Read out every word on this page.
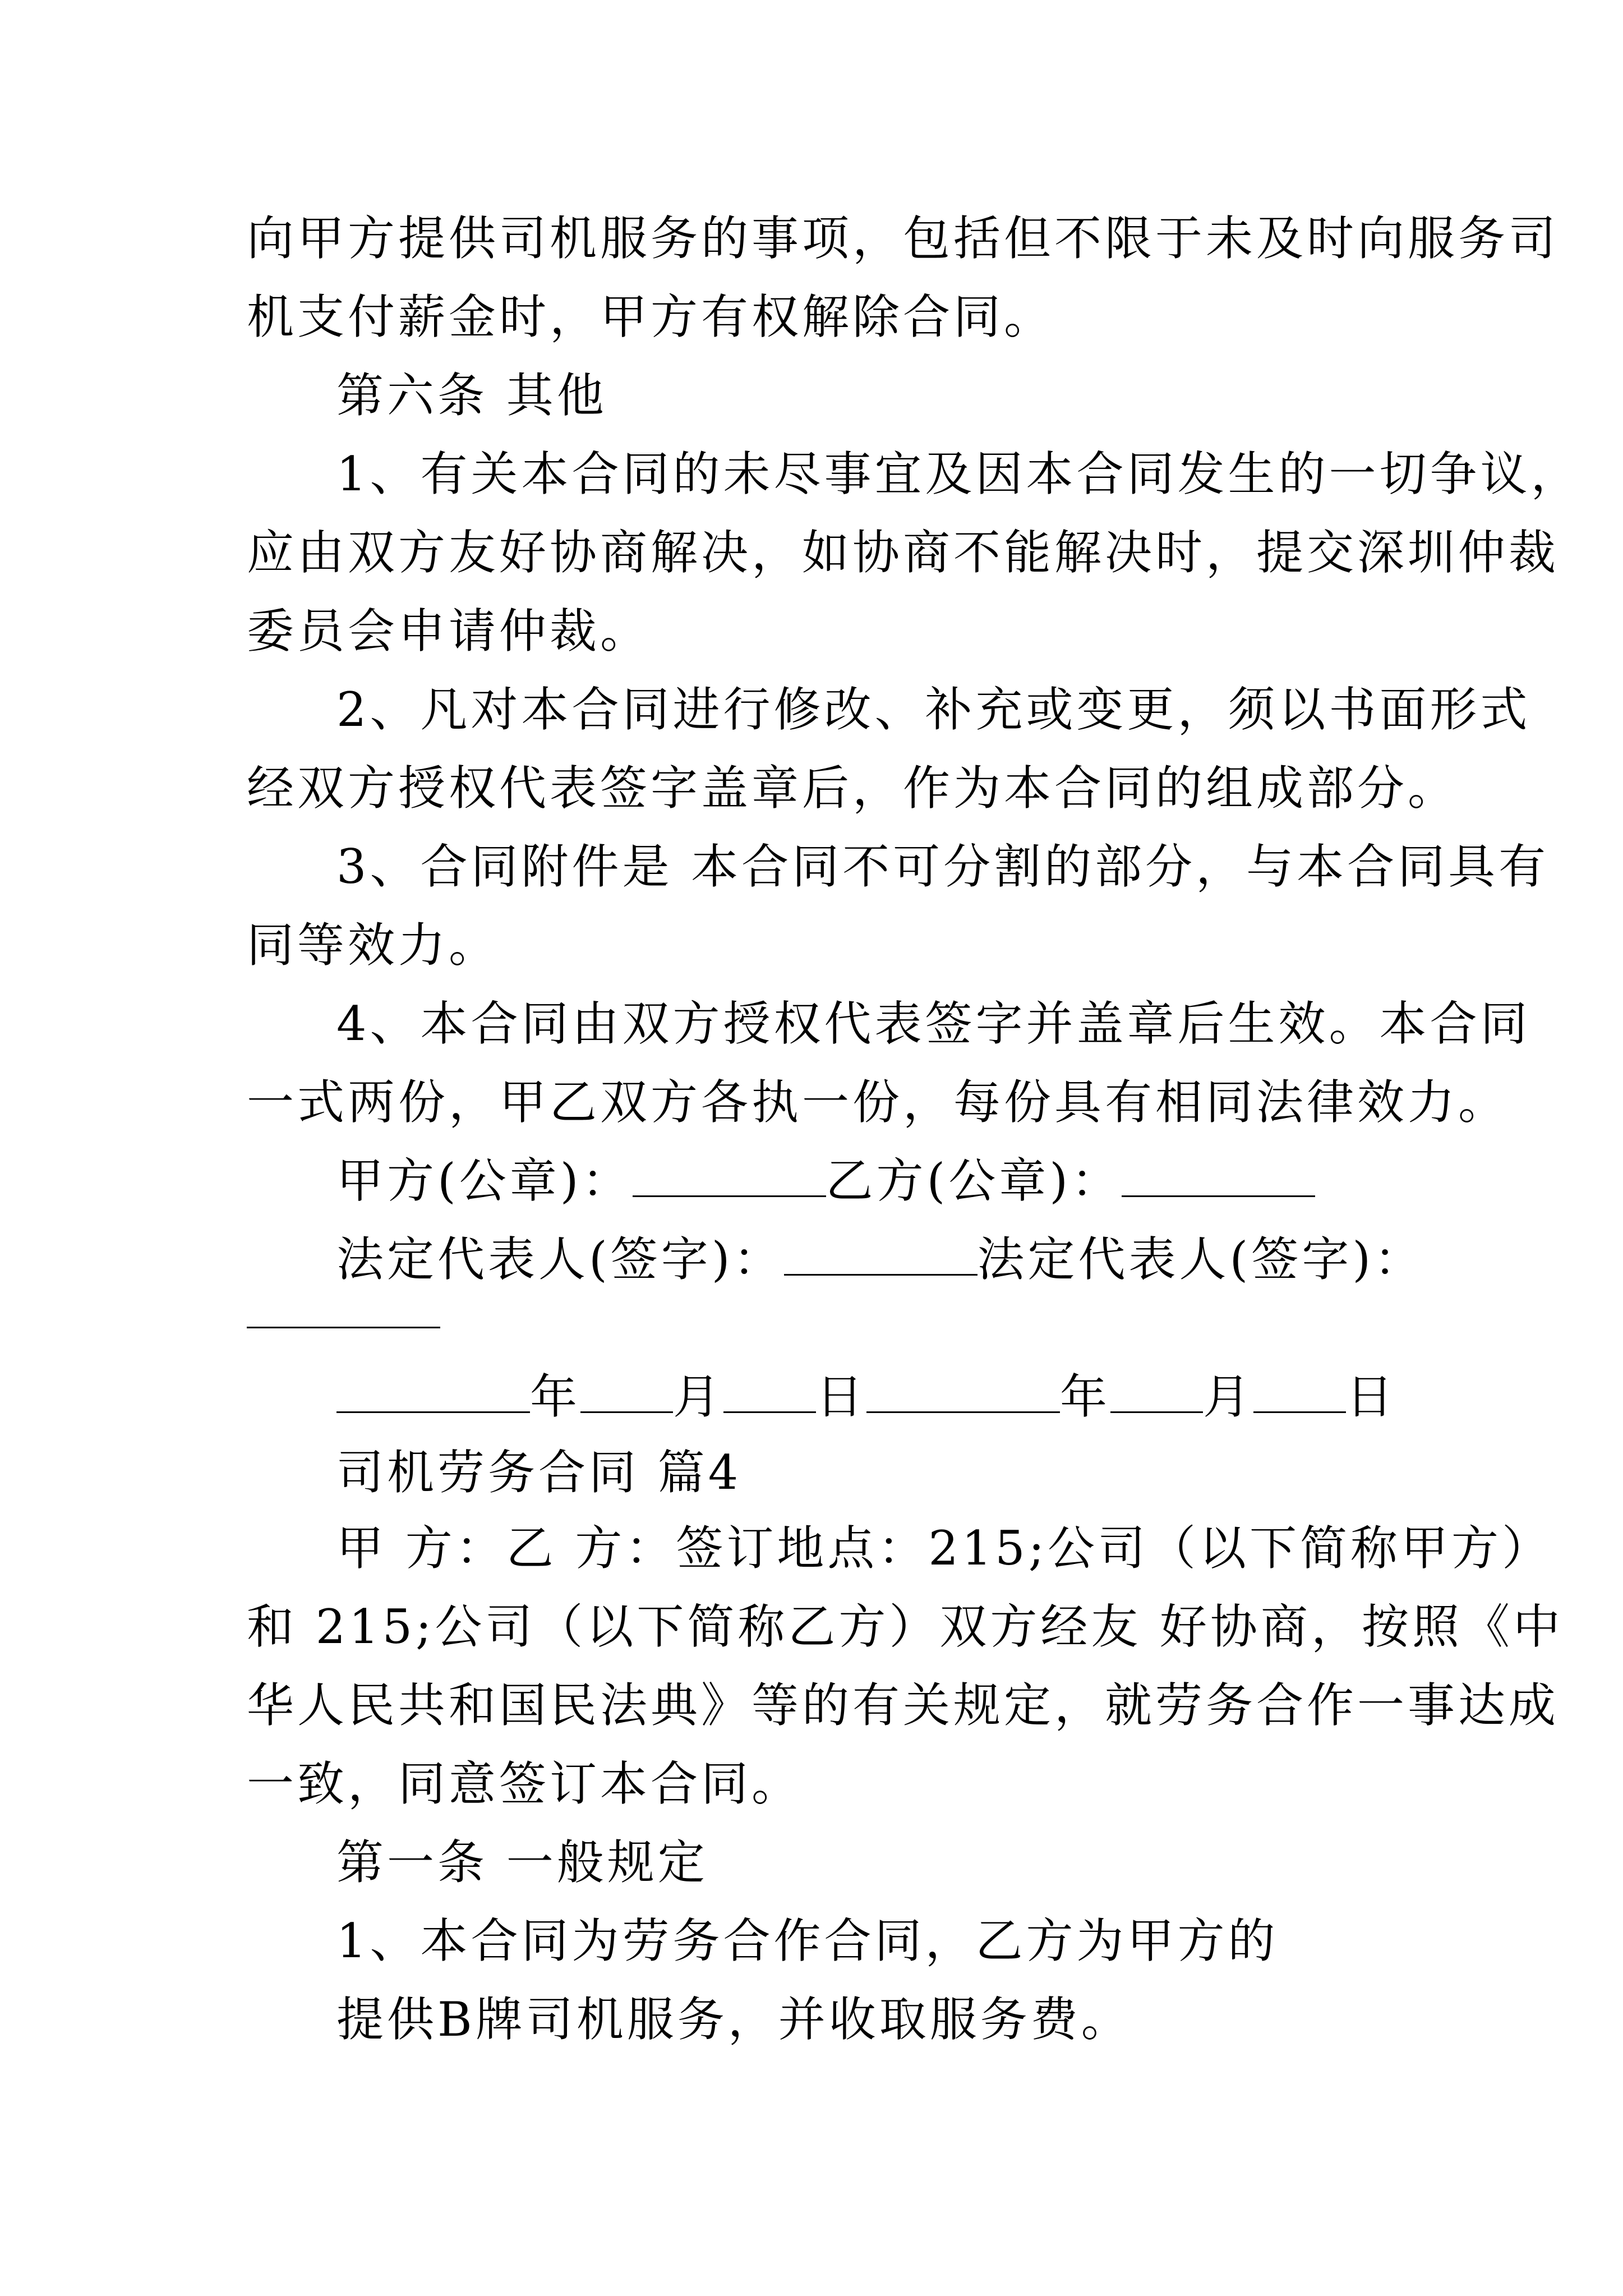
向甲方提供司机服务的事项，包括但不限于未及时向服务司
机支付薪金时，甲方有权解除合同。
第六条 其他
1、有关本合同的未尽事宜及因本合同发生的一切争议，
应由双方友好协商解决，如协商不能解决时，提交深圳仲裁
委员会申请仲裁。
2、凡对本合同进行修改、补充或变更，须以书面形式
经双方授权代表签字盖章后，作为本合同的组成部分。
3、合同附件是 本合同不可分割的部分，与本合同具有
同等效力。
4、本合同由双方授权代表签字并盖章后生效。本合同
一式两份，甲乙双方各执一份，每份具有相同法律效力。
甲方(公章)：	乙方(公章)：
法定代表人(签字)：	法定代表人(签字)：
年 月 日	年 月 日
司机劳务合同 篇4
甲 方：乙 方：签订地点：215;公司（以下简称甲方）
和 215;公司（以下简称乙方）双方经友 好协商，按照《中
华人民共和国民法典》等的有关规定，就劳务合作一事达成
一致，同意签订本合同。
第一条 一般规定
1、本合同为劳务合作合同，乙方为甲方的
提供B牌司机服务，并收取服务费。
